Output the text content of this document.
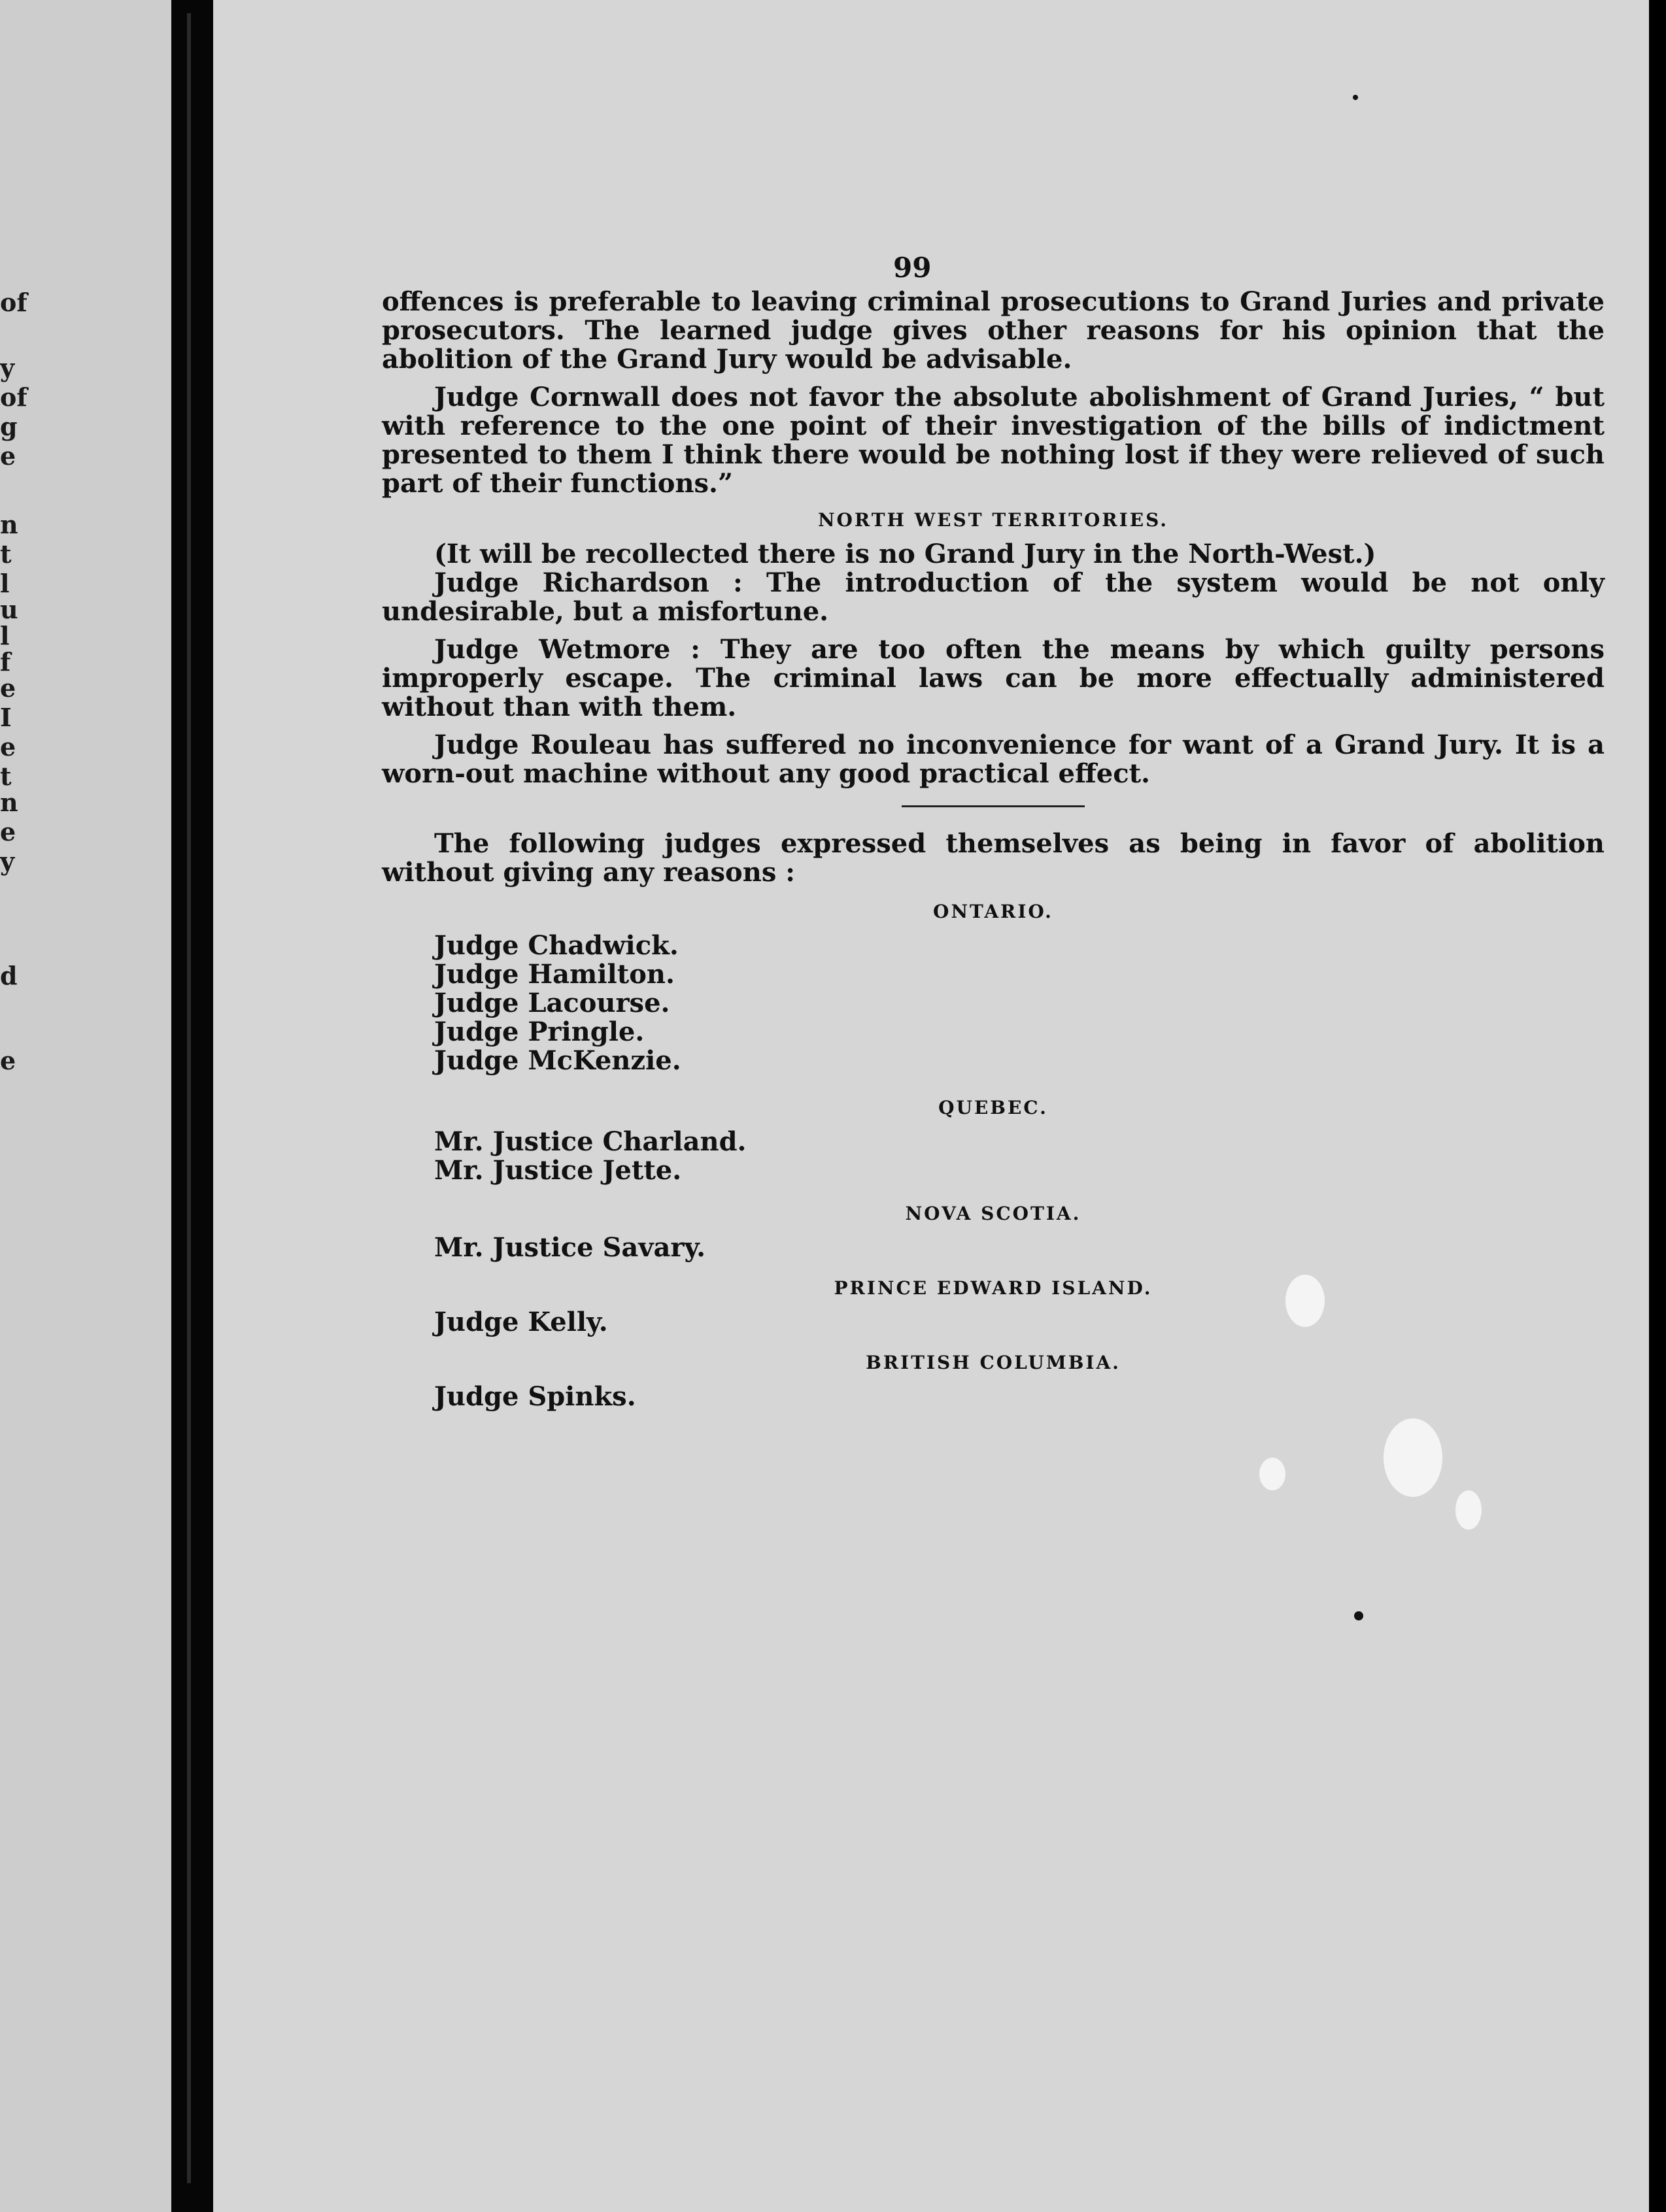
of
y
of
g
e
n
t
l
u
l
f
e
I
e
t
n
e
y
d
e
99

offences is preferable to leaving criminal prosecutions to Grand Juries and private prosecutors. The learned judge gives other reasons for his opinion that the abolition of the Grand Jury would be advisable.

Judge Cornwall does not favor the absolute abolishment of Grand Juries, “ but with reference to the one point of their investigation of the bills of indictment presented to them I think there would be nothing lost if they were relieved of such part of their functions.”

NORTH WEST TERRITORIES.

(It will be recollected there is no Grand Jury in the North-West.)

Judge Richardson : The introduction of the system would be not only undesirable, but a misfortune.

Judge Wetmore : They are too often the means by which guilty persons improperly escape. The criminal laws can be more effectually administered without than with them.

Judge Rouleau has suffered no inconvenience for want of a Grand Jury. It is a worn-out machine without any good practical effect.

The following judges expressed themselves as being in favor of abolition without giving any reasons :

ONTARIO.
Judge Chadwick.
Judge Hamilton.
Judge Lacourse.
Judge Pringle.
Judge McKenzie.
QUEBEC.
Mr. Justice Charland.
Mr. Justice Jette.
NOVA SCOTIA.
Mr. Justice Savary.
PRINCE EDWARD ISLAND.
Judge Kelly.
BRITISH COLUMBIA.
Judge Spinks.
